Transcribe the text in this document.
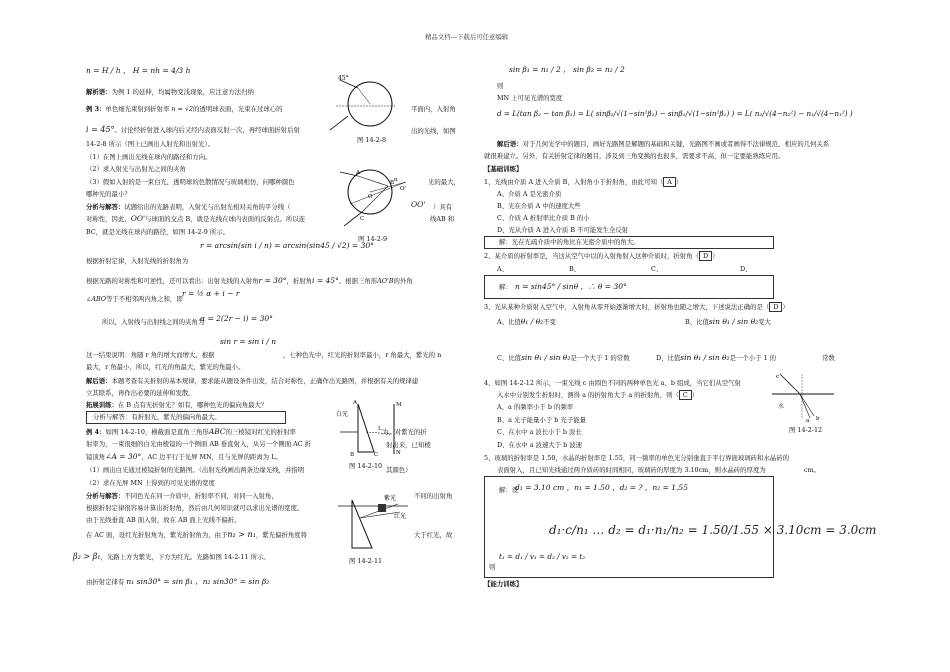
精品文档---下载后可任意编辑
n = H / h ， H = nh = 4/3 h
解析语：为例 1 的延伸，均属物变浅现象，应注意方法归纳
例 3：单色细光束射到折射率 n = √2的透明球表面，光束在过球心的	平面内，入射角
i = 45°。讨论经折射进入球内后又经内表面反射一次，再经球面折射后射	出的光线，如图
14-2-8 所示（图上已画出入射光和出射光）。
（1）在图上画出光线在球内的路径和方向。
（2）求入射光与出射光之间的夹角
（3）假如入射的是一束白光，透明球的色散情况与玻璃相仿，问哪种颜色	光的最大，
哪种光的最小？
45°
图 14-2-8
A
B
C
O
O'
α
图 14-2-9
分析与解答：试题给出的光路表明，入射光与出射光相对关角的平分线（	OO' ）具有
对称性，因此，OO'与球面的交点 B，就是光线在球内表面的反射点。所以连	线AB 和
BC，就是光线在球内的路径，如图 14-2-9 所示。
r = arcsin(sin i / n) = arcsin(sin45 / √2) = 30°
根据折射定律，入射光线的折射角为
根据光路的对称性和可逆性，还可以看出：出射光线的入射角r = 30°，折射角i = 45°。根据三角形AO'B的外角
∠ABO等于不相邻两内角之和，即
r = ½ α + i − r
所以，入射线与出射线之间的夹角为
α = 2(2r − i) = 30°
sin r = sin i / n
这一结果说明：角随 r 角的增大而增大。根据	，七种色光中，红光的折射率最小，r 角最大，紫光的 n
最大，r 角最小，所以，红光的角最大，紫光的角最小。
解后语：本题考查有关折射的基本规律，要求能从题设条件出发，结合对称性，正确作出光路图，并根据有关的规律建
立其联系，再作出必要的延伸和发散。
拓展训练：在 B 点有无折射光？如有，哪种色光的偏向角最大？
分析与解答：有折射光，紫光的偏向角最大。
例 4：如图 14-2-10，横截面是直角三角形ABC的三棱镜对红光的折射率	为，对紫光的折
射率为，一束很细的白光由棱镜的一个侧面 AB 垂直射入，从另一个侧面 AC 折	射出来，已知棱
镜顶角∠A = 30°，AC 边平行于光屏 MN，且与光屏的距离为 L。
（1）画出白光通过棱镜折射的光路图。（出射光线画出两条边缘光线，并指明	其颜色）
（2）求在光屏 MN 上得到的可见光谱的宽度
白光
A
B	C
M
N
L
图 14-2-10
分析与解答：不同色光在同一介质中，折射率不同，对同一入射角，	不同的出射角
根据折射定律很容易计算出折射角，然后由几何知识就可以求出光谱的宽度。
由于光线垂直 AB 面入射，故在 AB 面上光线不偏折。
在 AC 面，设红光折射角为，紫光折射角为，由于n₂ > n₁，紫光偏折角度将	大于红光，故
β₂ > β₁，光路上方为紫光，下方为红光。光路如图 14-2-11 所示。
由折射定律有 n₁ sin30° = sin β₁ ，n₂ sin30° = sin β₂
紫光
红光
图 14-2-11
sin β₁ = n₁ / 2 ， sin β₂ = n₂ / 2
则
MN 上可见光谱的宽度
d = L(tan β₂ − tan β₁) = L( sinβ₂/√(1−sin²β₂) − sinβ₁/√(1−sin²β₁) ) = L( n₂/√(4−n₂²) − n₁/√(4−n₁²) )
解后语：对于几何光学中的题目，画好光路图是解题的基础和关键，光路图不画或者画得不法律规范，相应的几何关系
就很难建立。另外，有关折射定律的题目，涉及到三角变换的也很多，需要求不高，但一定要能熟练应用。
【基础训练】
1、光线由介质 A 进入介质 B，入射角小于折射角，由此可知（ A ）
A、介质 A 是光密介质
B、光在介质 A 中的速度大些
C、介质 A 折射率比介质 B 的小
D、光从介质 A 进入介质 B 不可能发生全反射
解：光在光疏介质中的角比在光密介质中的角大。
2、某介质的折射率是，当这从空气中以的入射角射入这种介质时，折射角（ D ）
A、	B、	C、	D、
解： n = sin45° / sinθ ，∴ θ = 30°
3、光从某种介质射入空气中，入射角从零开始逐渐增大时，折射角也随之增大，下述说法正确的是（ D ）
A、比值θ₁ / θ₂不变	B、比值sin θ₁ / sin θ₂变大
C、比值sin θ₁ / sin θ₂是一个大于 1 的常数	D、比值sin θ₁ / sin θ₂是一个小于 1 的	常数
4、如图 14-2-12 所示，一束光线 c 由圆色不同的两种单色光 a、b 组成，当它们从空气射
入水中分别发生折射时，测得 a 的折射角大于 a 的折射角，则（ C ）
A、a 的频率小于 b 的频率
B、a 光子能量小于 b 光子能量
C、在水中 a 波长小于 b 波长
D、在水中 a 波速大于 b 波速
水
c
a b
图 14-2-12
5、玻璃的折射率是 1.50，水晶的折射率是 1.55，同一频率的单色光分别垂直于平行界面玻璃砖和水晶砖的
表面射入，且已知光线通过两介质砖的时间相同，玻璃砖的厚度为 3.10cm，则水晶砖的厚度为	cm。
解：设
d₁ = 3.10 cm ，n₁ = 1.50 ，d₂ = ? ，n₂ = 1.55
则
t₁ = d₁ / v₁ = d₂ / v₂ = t₂
d₁·c/n₁ … d₂ = d₁·n₁/n₂ = 1.50/1.55 × 3.10cm = 3.0cm
【能力训练】
